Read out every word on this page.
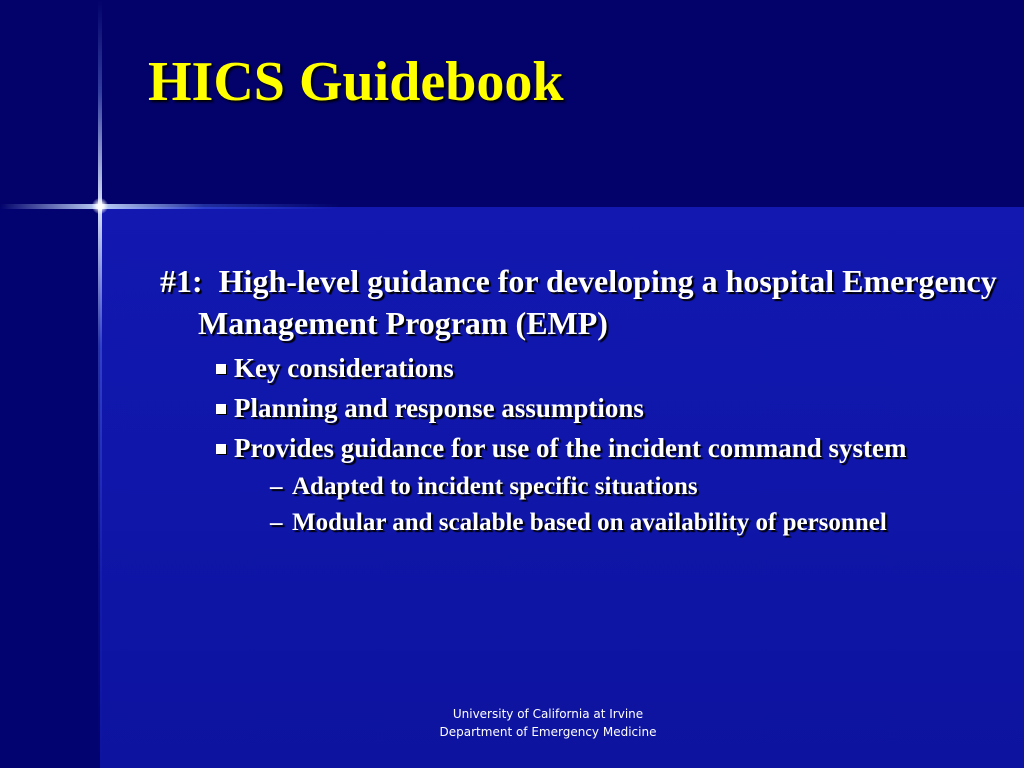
HICS Guidebook

#1: High-level guidance for developing a hospital Emergency Management Program (EMP)

Key considerations

Planning and response assumptions

Provides guidance for use of the incident command system

– Adapted to incident specific situations

– Modular and scalable based on availability of personnel

University of California at Irvine
Department of Emergency Medicine
